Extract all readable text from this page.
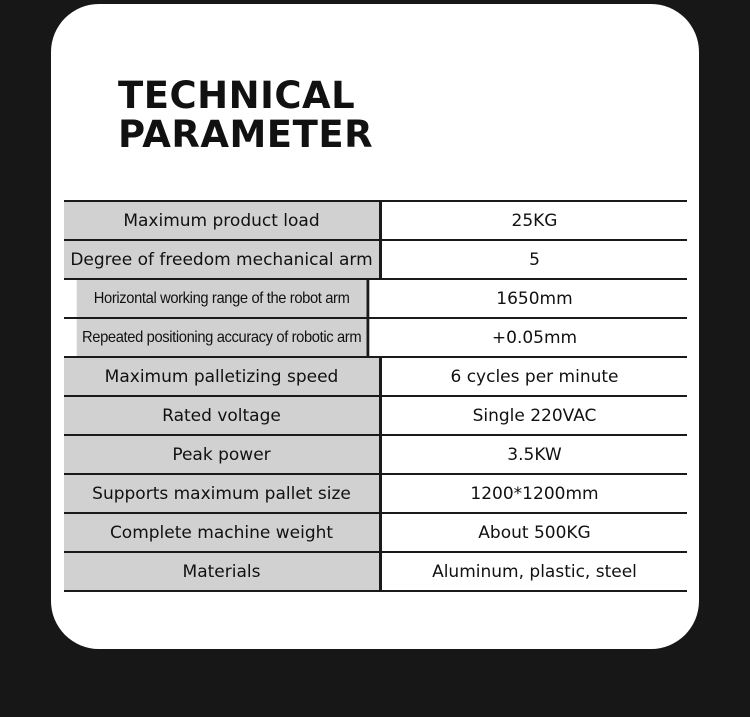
TECHNICAL
PARAMETER
Maximum product load	25KG
Degree of freedom mechanical arm	5
Horizontal working range of the robot arm	1650mm
Repeated positioning accuracy of robotic arm	+0.05mm
Maximum palletizing speed	6 cycles per minute
Rated voltage	Single 220VAC
Peak power	3.5KW
Supports maximum pallet size	1200*1200mm
Complete machine weight	About 500KG
Materials	Aluminum, plastic, steel
